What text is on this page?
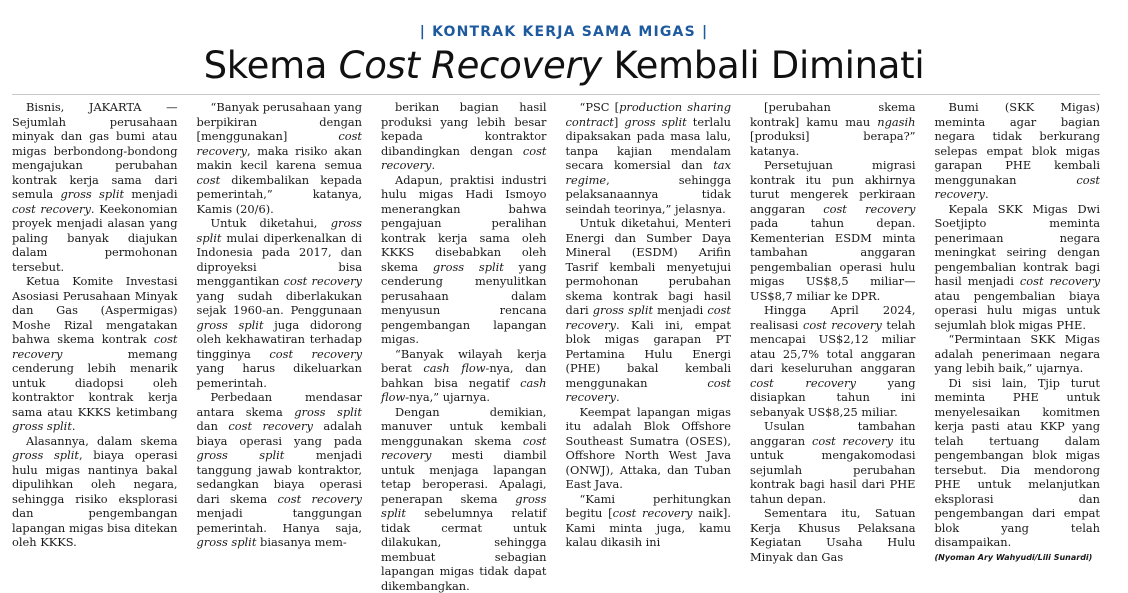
| KONTRAK KERJA SAMA MIGAS |
Skema Cost Recovery Kembali Diminati

Bisnis, JAKARTA — Sejumlah perusahaan minyak dan gas bumi atau migas berbondong-bondong mengajukan perubahan kontrak kerja sama dari semula gross split menjadi cost recovery. Keekonomian proyek menjadi alasan yang paling banyak diajukan dalam permohonan tersebut.

Ketua Komite Investasi Asosiasi Perusahaan Minyak dan Gas (Aspermigas) Moshe Rizal mengatakan bahwa skema kontrak cost recovery memang cenderung lebih menarik untuk diadopsi oleh kontraktor kontrak kerja sama atau KKKS ketimbang gross split.

Alasannya, dalam skema gross split, biaya operasi hulu migas nantinya bakal dipulihkan oleh negara, sehingga risiko eksplorasi dan pengembangan lapangan migas bisa ditekan oleh KKKS.

“Banyak perusahaan yang berpikiran dengan [menggunakan] cost recovery, maka risiko akan makin kecil karena semua cost dikembalikan kepada pemerintah,” katanya, Kamis (20/6).

Untuk diketahui, gross split mulai diperkenalkan di Indonesia pada 2017, dan diproyeksi bisa menggantikan cost recovery yang sudah diberlakukan sejak 1960-an. Penggunaan gross split juga didorong oleh kekhawatiran terhadap tingginya cost recovery yang harus dikeluarkan pemerintah.

Perbedaan mendasar antara skema gross split dan cost recovery adalah biaya operasi yang pada gross split menjadi tanggung jawab kontraktor, sedangkan biaya operasi dari skema cost recovery menjadi tanggungan pemerintah. Hanya saja, gross split biasanya mem-

berikan bagian hasil produksi yang lebih besar kepada kontraktor dibandingkan dengan cost recovery.

Adapun, praktisi industri hulu migas Hadi Ismoyo menerangkan bahwa pengajuan peralihan kontrak kerja sama oleh KKKS disebabkan oleh skema gross split yang cenderung menyulitkan perusahaan dalam menyusun rencana pengembangan lapangan migas.

“Banyak wilayah kerja berat cash flow-nya, dan bahkan bisa negatif cash flow-nya,” ujarnya.

Dengan demikian, manuver untuk kembali menggunakan skema cost recovery mesti diambil untuk menjaga lapangan tetap beroperasi. Apalagi, penerapan skema gross split sebelumnya relatif tidak cermat untuk dilakukan, sehingga membuat sebagian lapangan migas tidak dapat dikembangkan.

“PSC [production sharing contract] gross split terlalu dipaksakan pada masa lalu, tanpa kajian mendalam secara komersial dan tax regime, sehingga pelaksanaannya tidak seindah teorinya,” jelasnya.

Untuk diketahui, Menteri Energi dan Sumber Daya Mineral (ESDM) Arifin Tasrif kembali menyetujui permohonan perubahan skema kontrak bagi hasil dari gross split menjadi cost recovery. Kali ini, empat blok migas garapan PT Pertamina Hulu Energi (PHE) bakal kembali menggunakan cost recovery.

Keempat lapangan migas itu adalah Blok Offshore Southeast Sumatra (OSES), Offshore North West Java (ONWJ), Attaka, dan Tuban East Java.

“Kami perhitungkan begitu [cost recovery naik]. Kami minta juga, kamu kalau dikasih ini

[perubahan skema kontrak] kamu mau ngasih [produksi] berapa?” katanya.

Persetujuan migrasi kontrak itu pun akhirnya turut mengerek perkiraan anggaran cost recovery pada tahun depan. Kementerian ESDM minta tambahan anggaran pengembalian operasi hulu migas US$8,5 miliar—US$8,7 miliar ke DPR.

Hingga April 2024, realisasi cost recovery telah mencapai US$2,12 miliar atau 25,7% total anggaran dari keseluruhan anggaran cost recovery yang disiapkan tahun ini sebanyak US$8,25 miliar.

Usulan tambahan anggaran cost recovery itu untuk mengakomodasi sejumlah perubahan kontrak bagi hasil dari PHE tahun depan.

Sementara itu, Satuan Kerja Khusus Pelaksana Kegiatan Usaha Hulu Minyak dan Gas

Bumi (SKK Migas) meminta agar bagian negara tidak berkurang selepas empat blok migas garapan PHE kembali menggunakan cost recovery.

Kepala SKK Migas Dwi Soetjipto meminta penerimaan negara meningkat seiring dengan pengembalian kontrak bagi hasil menjadi cost recovery atau pengembalian biaya operasi hulu migas untuk sejumlah blok migas PHE.

“Permintaan SKK Migas adalah penerimaan negara yang lebih baik,” ujarnya.

Di sisi lain, Tjip turut meminta PHE untuk menyelesaikan komitmen kerja pasti atau KKP yang telah tertuang dalam pengembangan blok migas tersebut. Dia mendorong PHE untuk melanjutkan eksplorasi dan pengembangan dari empat blok yang telah disampaikan.

(Nyoman Ary Wahyudi/Lili Sunardi)
